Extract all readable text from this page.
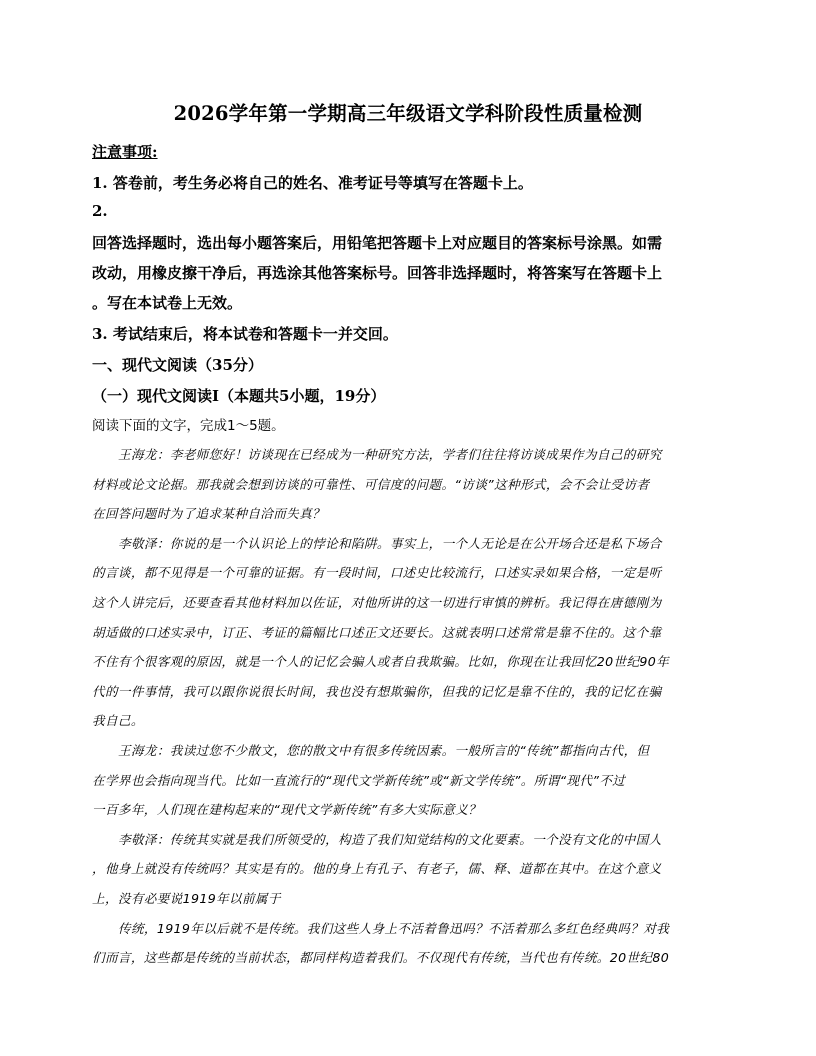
2026学年第一学期高三年级语文学科阶段性质量检测
注意事项:
1. 答卷前，考生务必将自己的姓名、准考证号等填写在答题卡上。
2.
回答选择题时，选出每小题答案后，用铅笔把答题卡上对应题目的答案标号涂黑。如需
改动，用橡皮擦干净后，再选涂其他答案标号。回答非选择题时，将答案写在答题卡上
。写在本试卷上无效。
3. 考试结束后，将本试卷和答题卡一并交回。
一、现代文阅读（35分）
（一）现代文阅读I（本题共5小题，19分）
阅读下面的文字，完成1～5题。
王海龙：李老师您好！访谈现在已经成为一种研究方法，学者们往往将访谈成果作为自己的研究
材料或论文论据。那我就会想到访谈的可靠性、可信度的问题。“访谈”这种形式，会不会让受访者
在回答问题时为了追求某种自洽而失真？
李敬泽：你说的是一个认识论上的悖论和陷阱。事实上，一个人无论是在公开场合还是私下场合
的言谈，都不见得是一个可靠的证据。有一段时间，口述史比较流行，口述实录如果合格，一定是听
这个人讲完后，还要查看其他材料加以佐证，对他所讲的这一切进行审慎的辨析。我记得在唐德刚为
胡适做的口述实录中，订正、考证的篇幅比口述正文还要长。这就表明口述常常是靠不住的。这个靠
不住有个很客观的原因，就是一个人的记忆会骗人或者自我欺骗。比如，你现在让我回忆20世纪90年
代的一件事情，我可以跟你说很长时间，我也没有想欺骗你，但我的记忆是靠不住的，我的记忆在骗
我自己。
王海龙：我读过您不少散文，您的散文中有很多传统因素。一般所言的“传统”都指向古代，但
在学界也会指向现当代。比如一直流行的“现代文学新传统”或“新文学传统”。所谓“现代”不过
一百多年，人们现在建构起来的“现代文学新传统”有多大实际意义？
李敬泽：传统其实就是我们所领受的，构造了我们知觉结构的文化要素。一个没有文化的中国人
，他身上就没有传统吗？其实是有的。他的身上有孔子、有老子，儒、释、道都在其中。在这个意义
上，没有必要说1919年以前属于
传统，1919年以后就不是传统。我们这些人身上不活着鲁迅吗？不活着那么多红色经典吗？对我
们而言，这些都是传统的当前状态，都同样构造着我们。不仅现代有传统，当代也有传统。20世纪80
